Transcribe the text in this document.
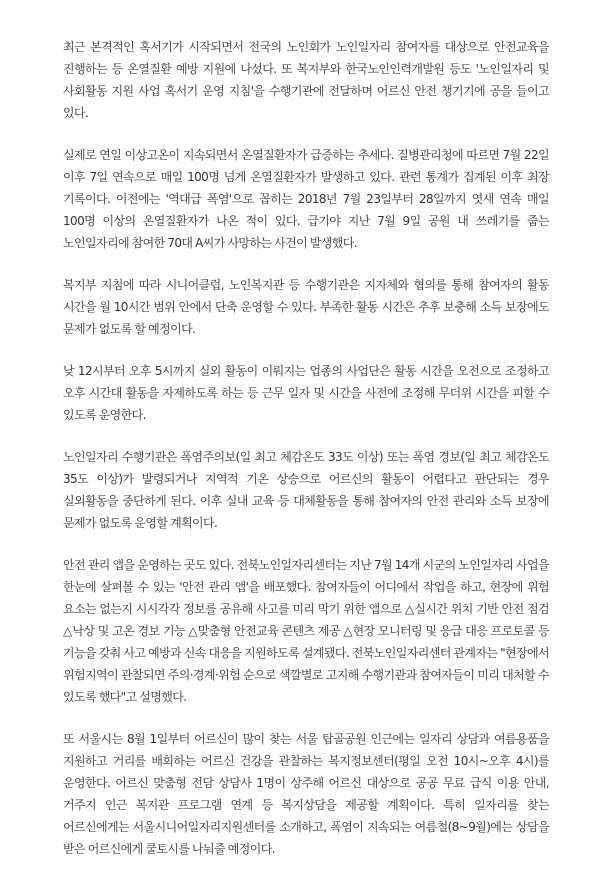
최근 본격적인 혹서기가 시작되면서 전국의 노인회가 노인일자리 참여자를 대상으로 안전교육을 진행하는 등 온열질환 예방 지원에 나섰다. 또 복지부와 한국노인인력개발원 등도 '노인일자리 및 사회활동 지원 사업 혹서기 운영 지침'을 수행기관에 전달하며 어르신 안전 챙기기에 공을 들이고 있다.

실제로 연일 이상고온이 지속되면서 온열질환자가 급증하는 추세다. 질병관리청에 따르면 7월 22일 이후 7일 연속으로 매일 100명 넘게 온열질환자가 발생하고 있다. 관련 통계가 집계된 이후 최장 기록이다. 이전에는 '역대급 폭염'으로 꼽히는 2018년 7월 23일부터 28일까지 엿새 연속 매일 100명 이상의 온열질환자가 나온 적이 있다. 급기야 지난 7월 9일 공원 내 쓰레기를 줍는 노인일자리에 참여한 70대 A씨가 사망하는 사건이 발생했다.

복지부 지침에 따라 시니어클럽, 노인복지관 등 수행기관은 지자체와 협의를 통해 참여자의 활동 시간을 월 10시간 범위 안에서 단축 운영할 수 있다. 부족한 활동 시간은 추후 보충해 소득 보장에도 문제가 없도록 할 예정이다.

낮 12시부터 오후 5시까지 실외 활동이 이뤄지는 업종의 사업단은 활동 시간을 오전으로 조정하고 오후 시간대 활동을 자제하도록 하는 등 근무 일자 및 시간을 사전에 조정해 무더위 시간을 피할 수 있도록 운영한다.

노인일자리 수행기관은 폭염주의보(일 최고 체감온도 33도 이상) 또는 폭염 경보(일 최고 체감온도 35도 이상)가 발령되거나 지역적 기온 상승으로 어르신의 활동이 어렵다고 판단되는 경우 실외활동을 중단하게 된다. 이후 실내 교육 등 대체활동을 통해 참여자의 안전 관리와 소득 보장에 문제가 없도록 운영할 계획이다.

안전 관리 앱을 운영하는 곳도 있다. 전북노인일자리센터는 지난 7월 14개 시군의 노인일자리 사업을 한눈에 살펴볼 수 있는 '안전 관리 앱'을 배포했다. 참여자들이 어디에서 작업을 하고, 현장에 위험 요소는 없는지 시시각각 정보를 공유해 사고를 미리 막기 위한 앱으로 △실시간 위치 기반 안전 점검 △낙상 및 고온 경보 기능 △맞춤형 안전교육 콘텐츠 제공 △현장 모니터링 및 응급 대응 프로토콜 등 기능을 갖춰 사고 예방과 신속 대응을 지원하도록 설계됐다. 전북노인일자리센터 관계자는 "현장에서 위험지역이 관찰되면 주의·경계·위험 순으로 색깔별로 고지해 수행기관과 참여자들이 미리 대처할 수 있도록 했다"고 설명했다.

또 서울시는 8월 1일부터 어르신이 많이 찾는 서울 탑골공원 인근에는 일자리 상담과 여름용품을 지원하고 거리를 배회하는 어르신 건강을 관찰하는 복지정보센터(평일 오전 10시~오후 4시)를 운영한다. 어르신 맞춤형 전담 상담사 1명이 상주해 어르신 대상으로 공공 무료 급식 이용 안내, 거주지 인근 복지관 프로그램 연계 등 복지상담을 제공할 계획이다. 특히 일자리를 찾는 어르신에게는 서울시니어일자리지원센터를 소개하고, 폭염이 지속되는 여름철(8~9월)에는 상담을 받은 어르신에게 쿨토시를 나눠줄 예정이다.
